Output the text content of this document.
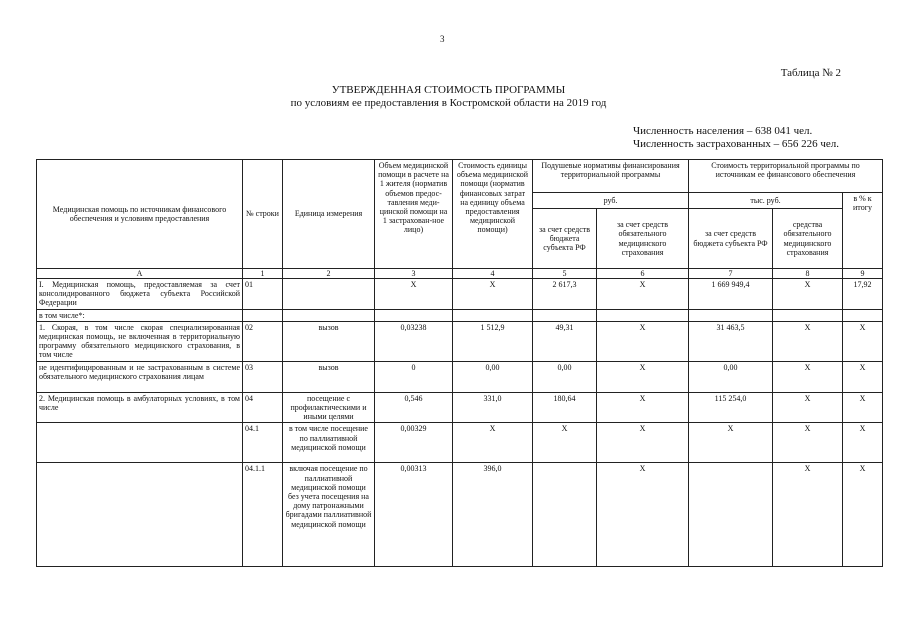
3
Таблица № 2
УТВЕРЖДЕННАЯ СТОИМОСТЬ ПРОГРАММЫ
по условиям ее предоставления в Костромской области на 2019 год
Численность населения – 638 041 чел.
Численность застрахованных – 656 226 чел.
Медицинская помощь по источникам финансового обеспечения и условиям предоставления	№ строки	Единица измерения	Объем медицинской помощи в расчете на 1 жителя (норматив объемов предос-тавления меди-цинской помощи на 1 застрахован-ное лицо)	Стоимость единицы объема медицинской помощи (норматив финансовых затрат на единицу объема предоставления медицинской помощи)	Подушевые нормативы финансирования территориальной программы		Стоимость территориальной программы по источникам ее финансового обеспечения		
					руб.		тыс. руб.		в % к итогу
					за счет средств бюджета субъекта РФ	за счет средств обязательного медицинского страхования	за счет средств бюджета субъекта РФ	средства обязательного медицинского страхования	
А	1	2	3	4	5	6	7	8	9
I. Медицинская помощь, предоставляемая за счет консолидированного бюджета субъекта Российской Федерации	01		X	X	2 617,3	X	1 669 949,4	X	17,92
в том числе*:									
1. Скорая, в том числе скорая специализированная медицинская помощь, не включенная в территориальную программу обязательного медицинского страхования, в том числе	02	вызов	0,03238	1 512,9	49,31	X	31 463,5	X	X
не идентифицированным и не застрахованным в системе обязательного медицинского страхования лицам	03	вызов	0	0,00	0,00	X	0,00	X	X
2. Медицинская помощь в амбулаторных условиях, в том числе	04	посещение с профилактическими и иными целями	0,546	331,0	180,64	X	115 254,0	X	X
	04.1	в том числе посещение по паллиативной медицинской помощи	0,00329	X	X	X	X	X	X
	04.1.1	включая посещение по паллиативной медицинской помощи без учета посещения на дому патронажными бригадами паллиативной медицинской помощи	0,00313	396,0		X		X	X
